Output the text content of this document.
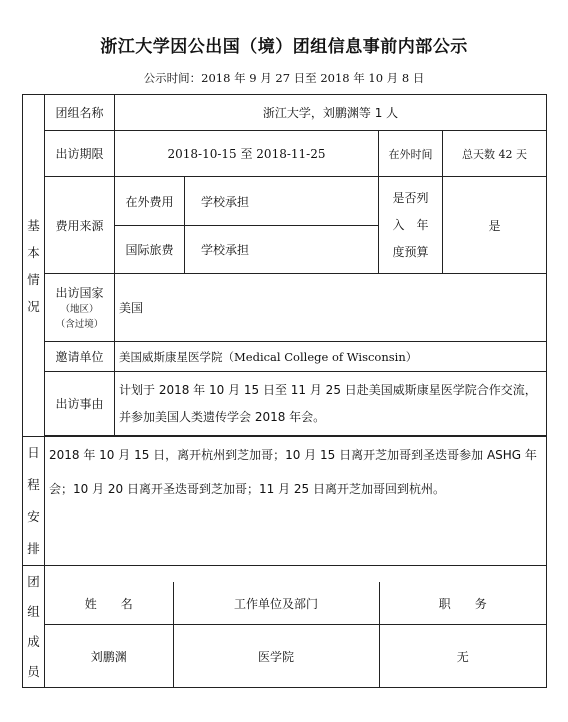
浙江大学因公出国（境）团组信息事前内部公示
公示时间：2018 年 9 月 27 日至 2018 年 10 月 8 日
基
本
情
况	团组名称	浙江大学，刘鹏渊等 1 人
出访期限	2018-10-15 至 2018-11-25	在外时间	总天数 42 天
费用来源	在外费用	学校承担	是否列
入　年
度预算	是
国际旅费	学校承担
出访国家
（地区）
（含过境）	美国
邀请单位	美国威斯康星医学院（Medical College of Wisconsin）
出访事由	计划于 2018 年 10 月 15 日至 11 月 25 日赴美国威斯康星医学院合作交流，并参加美国人类遗传学会 2018 年会。

日
程
安
排	2018 年 10 月 15 日，离开杭州到芝加哥；10 月 15 日离开芝加哥到圣迭哥参加 ASHG 年会；10 月 20 日离开圣迭哥到芝加哥；11 月 25 日离开芝加哥回到杭州。
团
组
成
员	
姓　　名	工作单位及部门	职　　务
刘鹏渊	医学院	无
